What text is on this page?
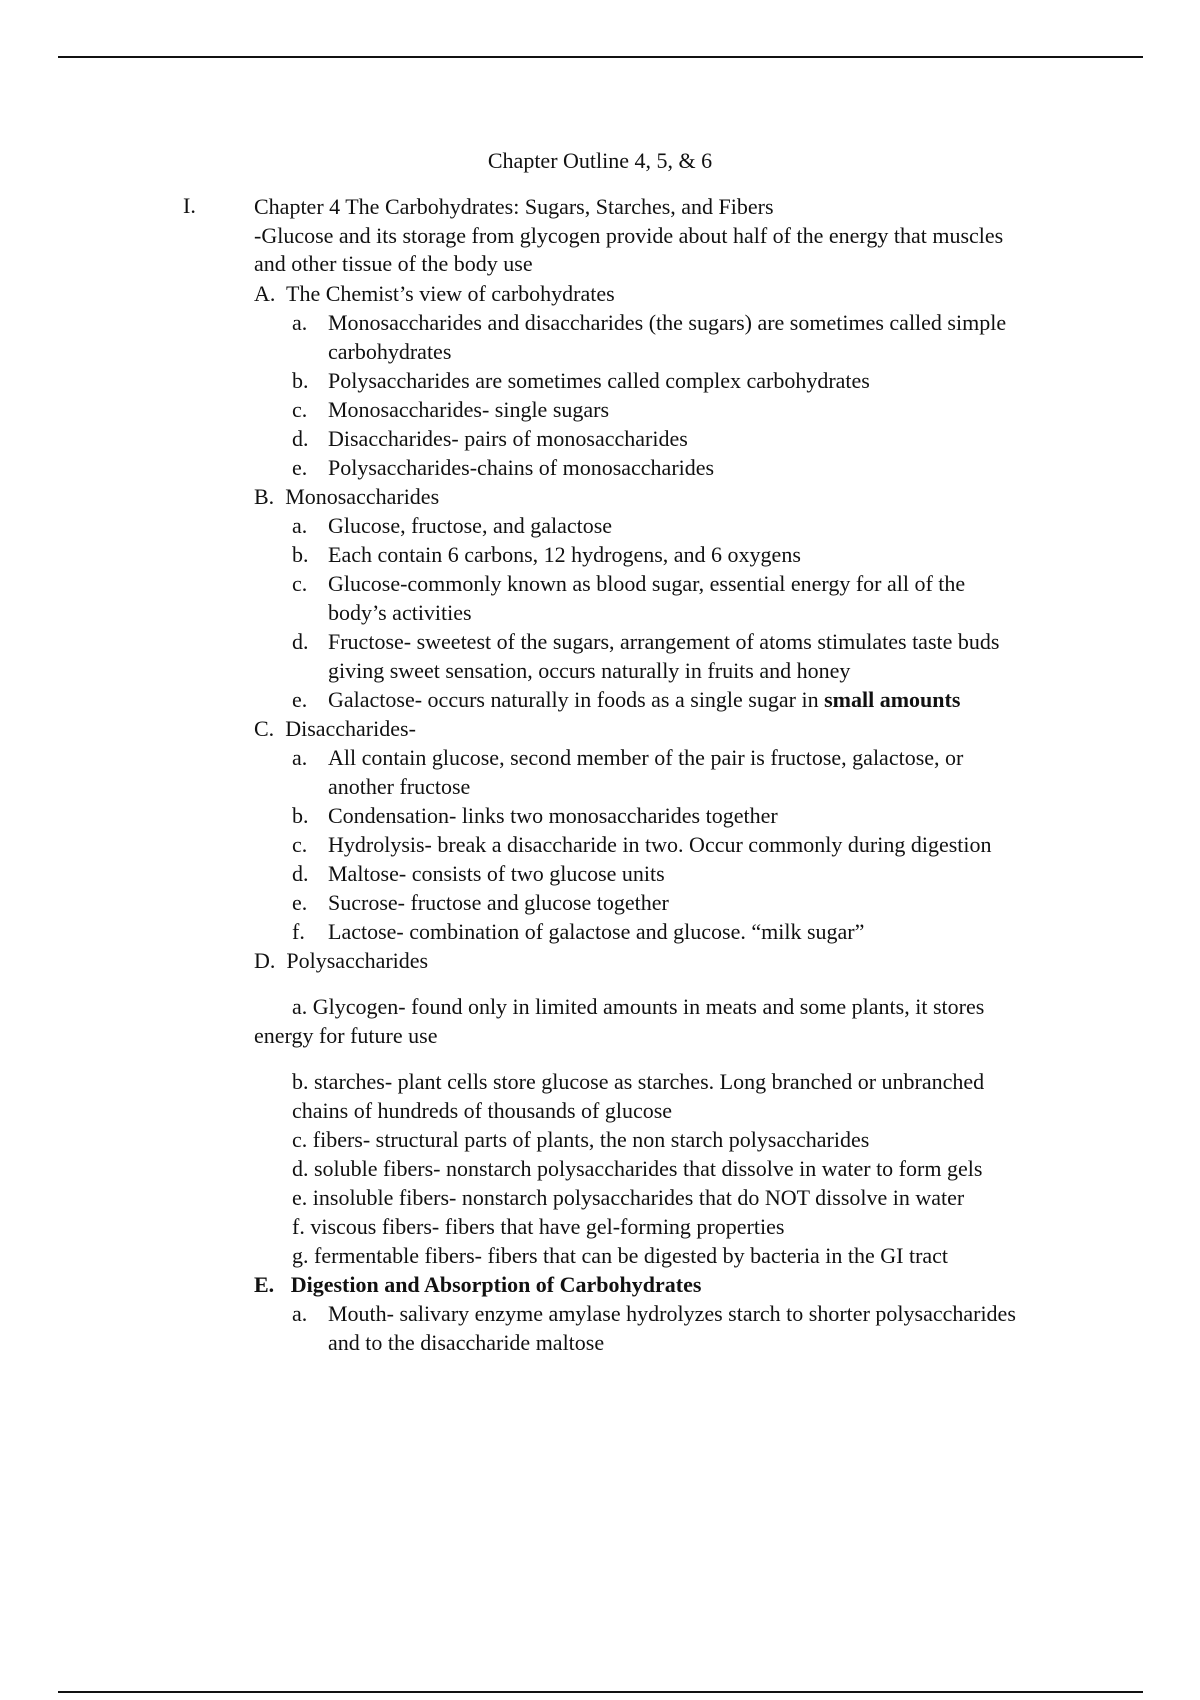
Chapter Outline 4, 5, & 6
I.	Chapter 4 The Carbohydrates: Sugars, Starches, and Fibers
-Glucose and its storage from glycogen provide about half of the energy that muscles
and other tissue of the body use
A. The Chemist’s view of carbohydrates
a. Monosaccharides and disaccharides (the sugars) are sometimes called simple
carbohydrates
b. Polysaccharides are sometimes called complex carbohydrates
c. Monosaccharides- single sugars
d. Disaccharides- pairs of monosaccharides
e. Polysaccharides-chains of monosaccharides
B. Monosaccharides
a. Glucose, fructose, and galactose
b. Each contain 6 carbons, 12 hydrogens, and 6 oxygens
c. Glucose-commonly known as blood sugar, essential energy for all of the
body’s activities
d. Fructose- sweetest of the sugars, arrangement of atoms stimulates taste buds
giving sweet sensation, occurs naturally in fruits and honey
e. Galactose- occurs naturally in foods as a single sugar in small amounts
C. Disaccharides-
a. All contain glucose, second member of the pair is fructose, galactose, or
another fructose
b. Condensation- links two monosaccharides together
c. Hydrolysis- break a disaccharide in two. Occur commonly during digestion
d. Maltose- consists of two glucose units
e. Sucrose- fructose and glucose together
f. Lactose- combination of galactose and glucose. “milk sugar”
D. Polysaccharides
a. Glycogen- found only in limited amounts in meats and some plants, it stores
energy for future use
b. starches- plant cells store glucose as starches. Long branched or unbranched
chains of hundreds of thousands of glucose
c. fibers- structural parts of plants, the non starch polysaccharides
d. soluble fibers- nonstarch polysaccharides that dissolve in water to form gels
e. insoluble fibers- nonstarch polysaccharides that do NOT dissolve in water
f. viscous fibers- fibers that have gel-forming properties
g. fermentable fibers- fibers that can be digested by bacteria in the GI tract
E. Digestion and Absorption of Carbohydrates
a. Mouth- salivary enzyme amylase hydrolyzes starch to shorter polysaccharides
and to the disaccharide maltose
